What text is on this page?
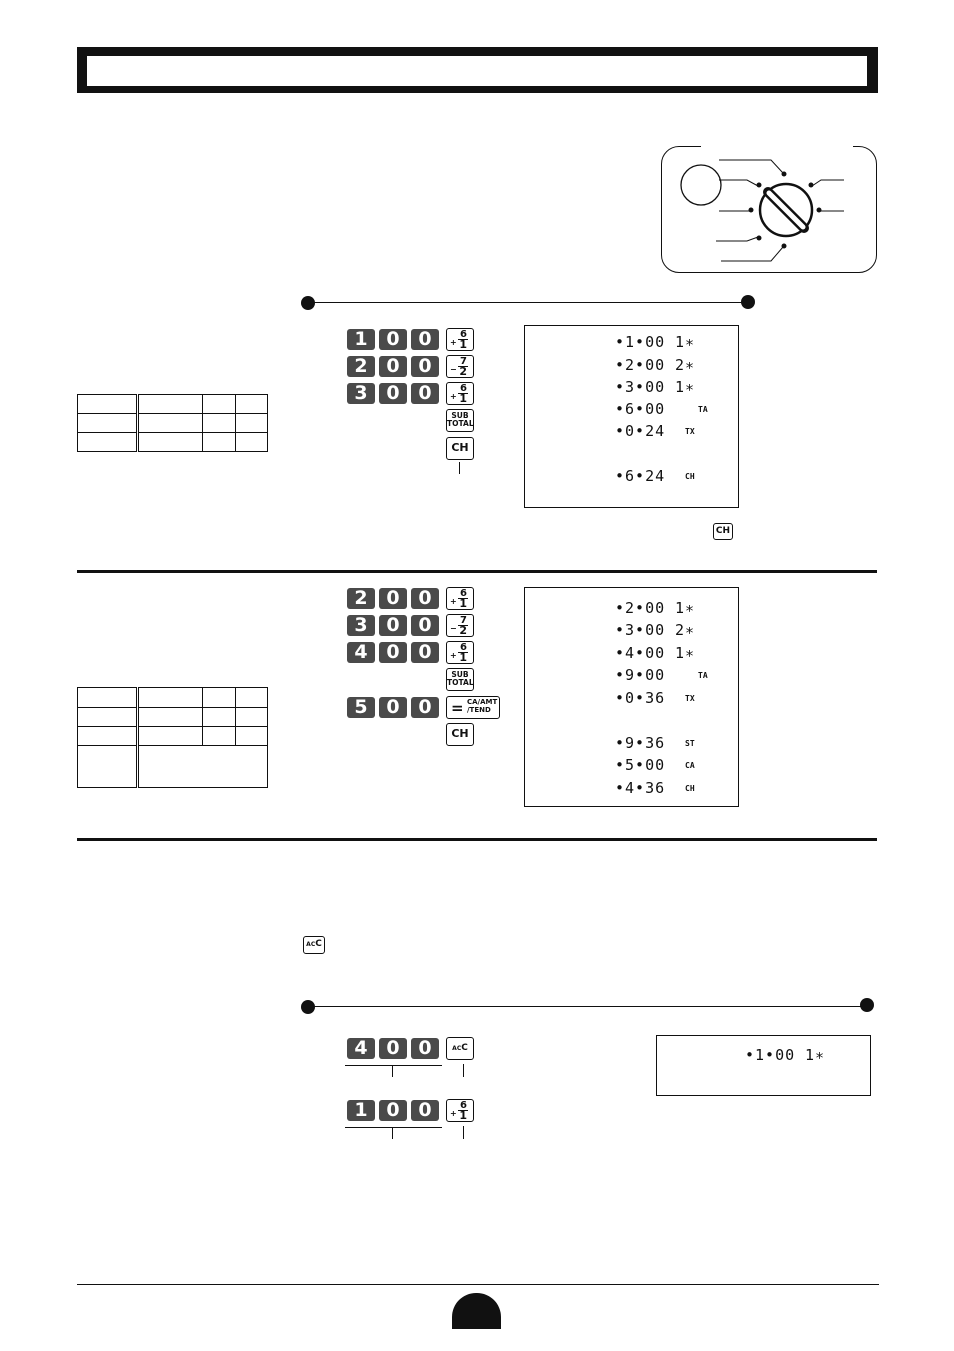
1 0 0	6
+ 1
2 0 0	7
− 2
3 0 0	6
+ 1
SUB
TOTAL
CH
•1•00 1∗
•2•00 2∗
•3•00 1∗
•6•00	TA
•0•24 TX
•6•24 CH
CH

2 0 0	6
+ 1
3 0 0	7
− 2
4 0 0	6
+ 1
SUB
TOTAL
5 0 0	= CA/AMT
/TEND
CH
•2•00 1∗
•3•00 2∗
•4•00 1∗
•9•00	TA
•0•36 TX
•9•36 ST
•5•00 CA
•4•36 CH
ACC
4 0 0	ACC
1 0 0	6
+ 1
•1•00 1∗
